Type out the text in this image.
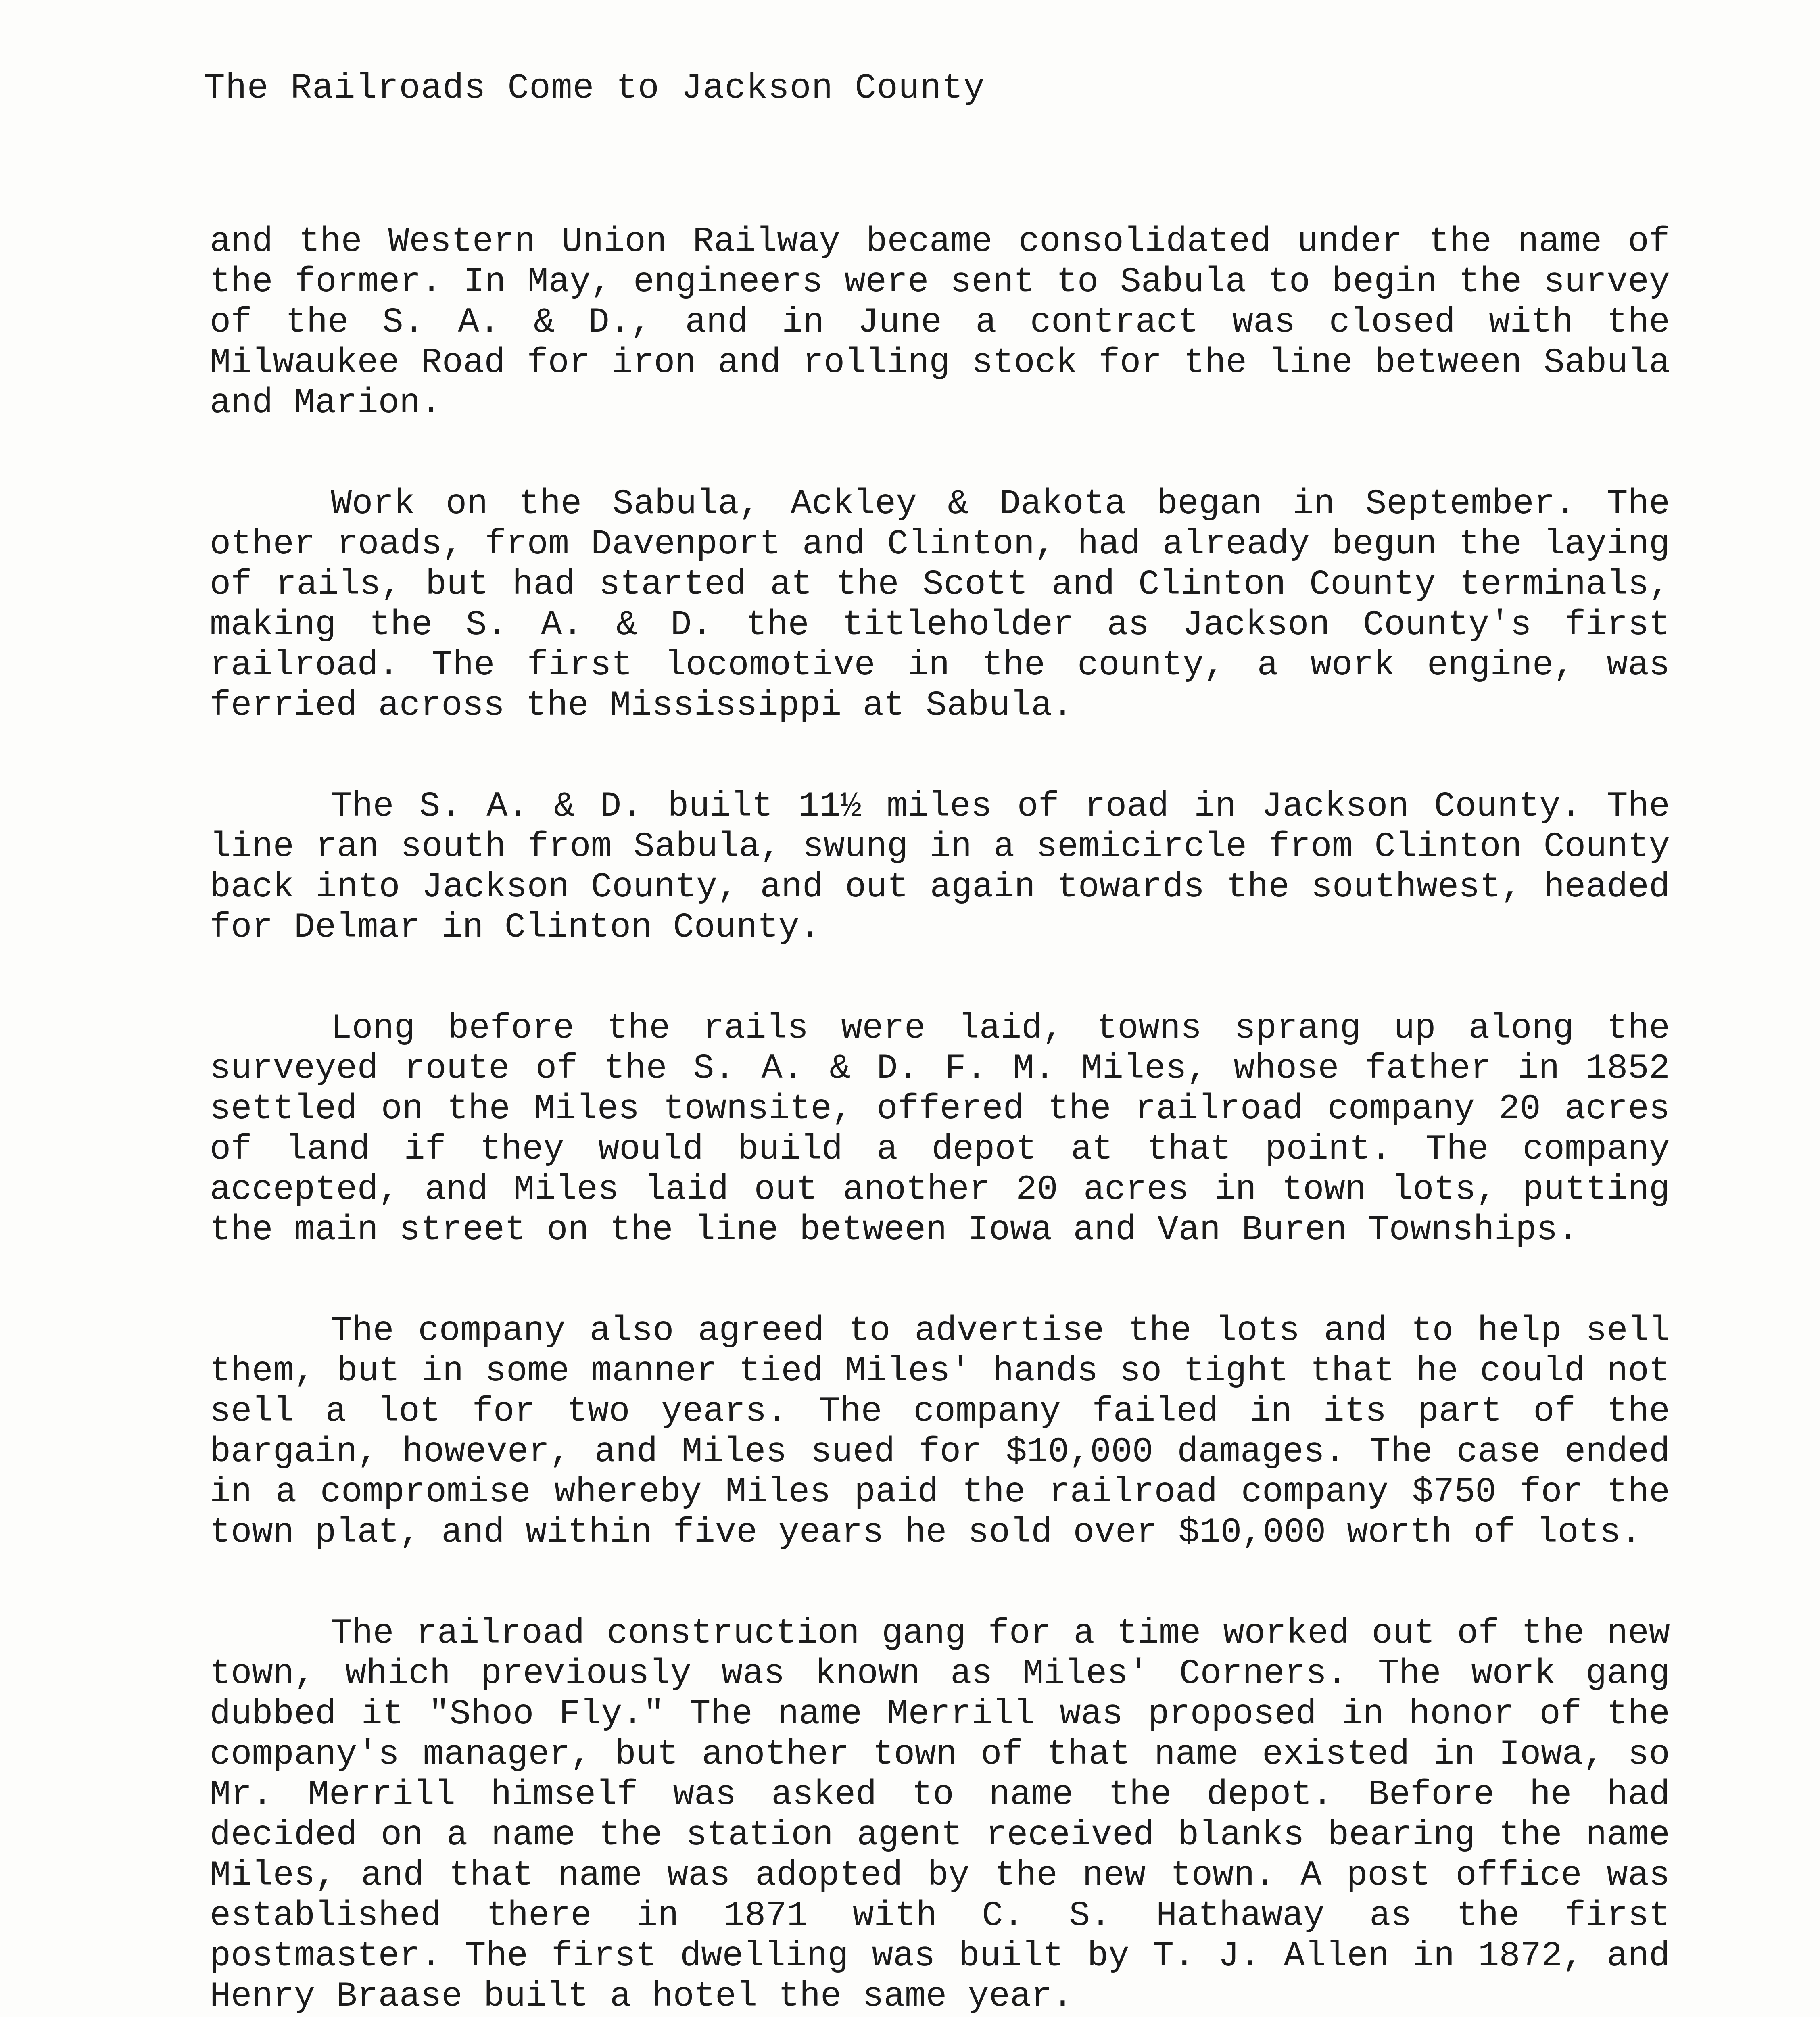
The Railroads Come to Jackson County

and the Western Union Railway became consolidated under the name of the former. In May, engineers were sent to Sabula to begin the survey of the S. A. & D., and in June a contract was closed with the Milwaukee Road for iron and rolling stock for the line between Sabula and Marion.

Work on the Sabula, Ackley & Dakota began in September. The other roads, from Davenport and Clinton, had already begun the laying of rails, but had started at the Scott and Clinton County terminals, making the S. A. & D. the titleholder as Jackson County's first railroad. The first locomotive in the county, a work engine, was ferried across the Mississippi at Sabula.

The S. A. & D. built 11½ miles of road in Jackson County. The line ran south from Sabula, swung in a semicircle from Clinton County back into Jackson County, and out again towards the southwest, headed for Delmar in Clinton County.

Long before the rails were laid, towns sprang up along the surveyed route of the S. A. & D. F. M. Miles, whose father in 1852 settled on the Miles townsite, offered the railroad company 20 acres of land if they would build a depot at that point. The company accepted, and Miles laid out another 20 acres in town lots, putting the main street on the line between Iowa and Van Buren Townships.

The company also agreed to advertise the lots and to help sell them, but in some manner tied Miles' hands so tight that he could not sell a lot for two years. The company failed in its part of the bargain, however, and Miles sued for $10,000 damages. The case ended in a compromise whereby Miles paid the railroad company $750 for the town plat, and within five years he sold over $10,000 worth of lots.

The railroad construction gang for a time worked out of the new town, which previously was known as Miles' Corners. The work gang dubbed it "Shoo Fly." The name Merrill was proposed in honor of the company's manager, but another town of that name existed in Iowa, so Mr. Merrill himself was asked to name the depot. Before he had decided on a name the station agent received blanks bearing the name Miles, and that name was adopted by the new town. A post office was established there in 1871 with C. S. Hathaway as the first postmaster. The first dwelling was built by T. J. Allen in 1872, and Henry Braase built a hotel the same year.
